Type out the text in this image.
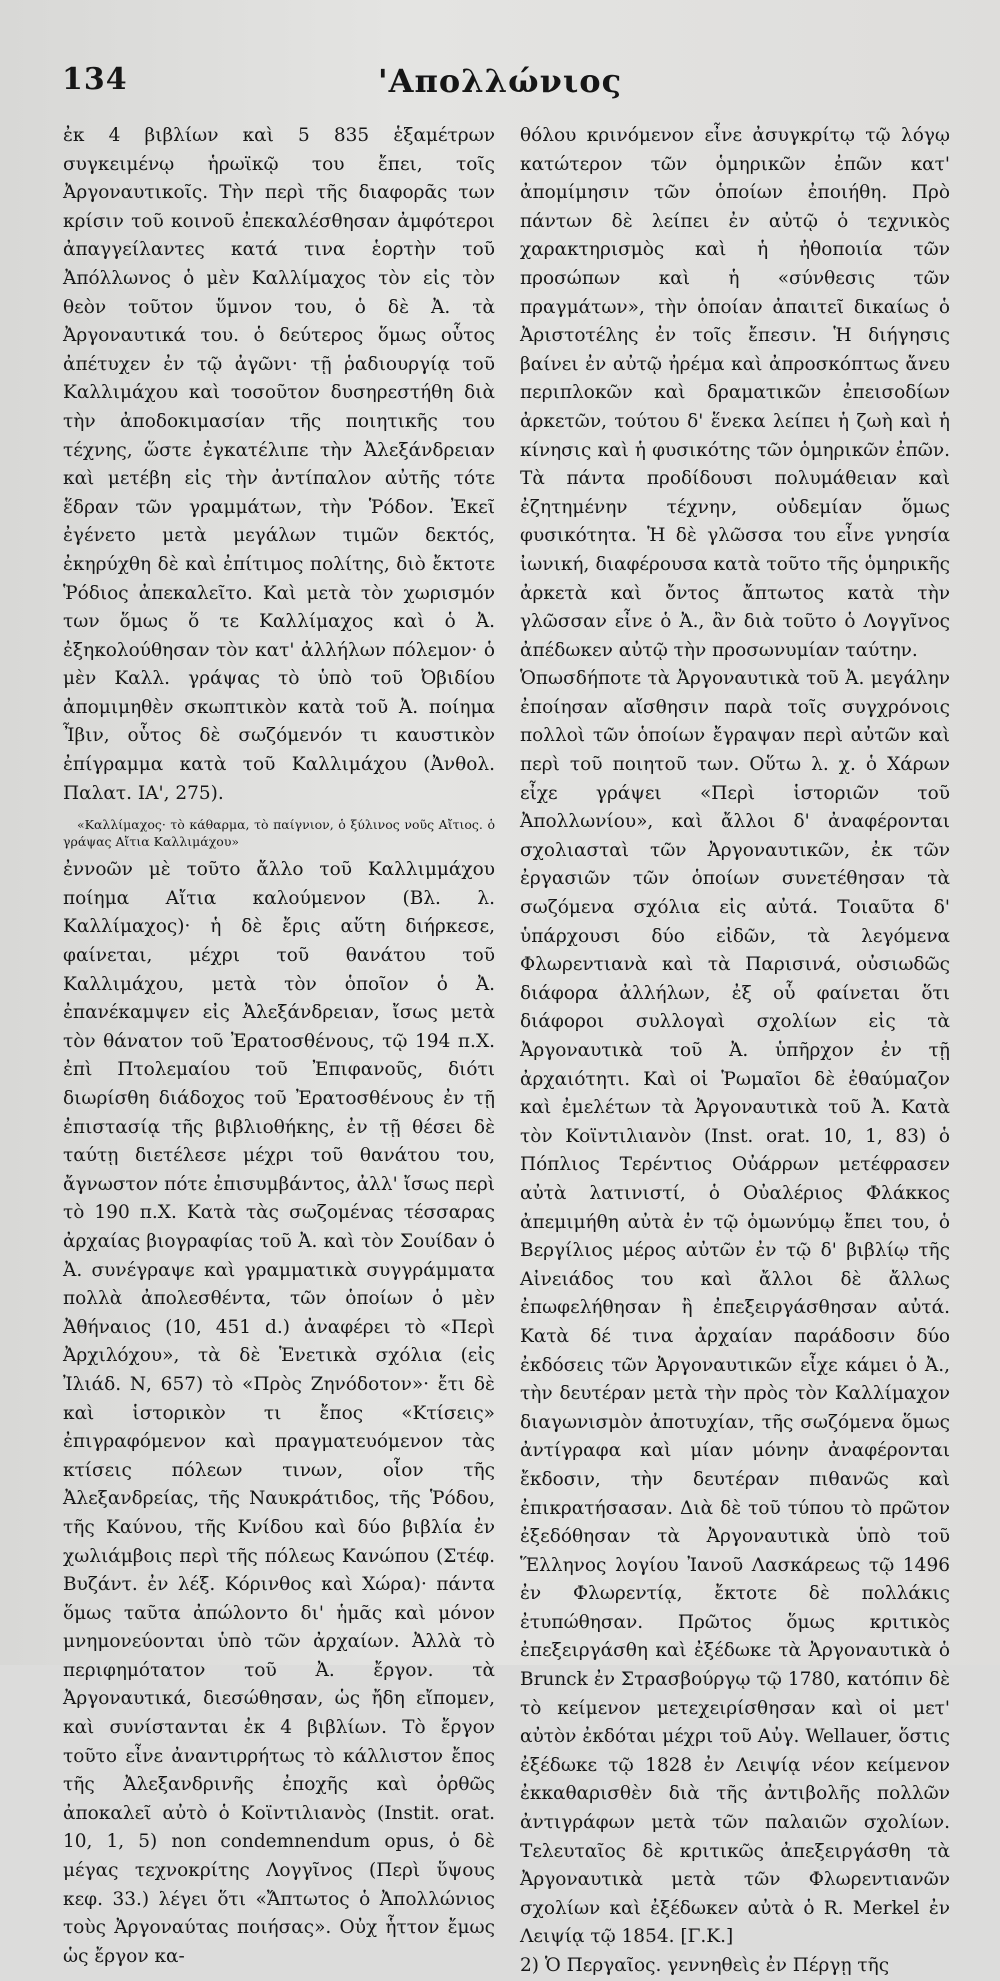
134	'Απολλώνιος

ἐκ 4 βιβλίων καὶ 5 835 ἑξαμέτρων συγκειμένῳ ἡρωϊκῷ του ἔπει, τοῖς Ἀργοναυτικοῖς. Τὴν περὶ τῆς διαφορᾶς των κρίσιν τοῦ κοινοῦ ἐπεκαλέσθησαν ἀμφότεροι ἀπαγγείλαντες κατά τινα ἑορτὴν τοῦ Ἀπόλλωνος ὁ μὲν Καλλίμαχος τὸν εἰς τὸν θεὸν τοῦτον ὕμνον του, ὁ δὲ Ἀ. τὰ Ἀργοναυτικά του. ὁ δεύτερος ὅμως οὗτος ἀπέτυχεν ἐν τῷ ἀγῶνι· τῇ ῥαδιουργίᾳ τοῦ Καλλιμάχου καὶ τοσοῦτον δυσηρεστήθη διὰ τὴν ἀποδοκιμασίαν τῆς ποιητικῆς του τέχνης, ὥστε ἐγκατέλιπε τὴν Ἀλεξάνδρειαν καὶ μετέβη εἰς τὴν ἀντίπαλον αὐτῆς τότε ἕδραν τῶν γραμμάτων, τὴν Ῥόδον. Ἐκεῖ ἐγένετο μετὰ μεγάλων τιμῶν δεκτός, ἐκηρύχθη δὲ καὶ ἐπίτιμος πολίτης, διὸ ἔκτοτε Ῥόδιος ἀπεκαλεῖτο. Καὶ μετὰ τὸν χωρισμόν των ὅμως ὅ τε Καλλίμαχος καὶ ὁ Ἀ. ἐξηκολούθησαν τὸν κατ' ἀλλήλων πόλεμον· ὁ μὲν Καλλ. γράψας τὸ ὑπὸ τοῦ Ὀβιδίου ἀπομιμηθὲν σκωπτικὸν κατὰ τοῦ Ἀ. ποίημα Ἶβιν, οὗτος δὲ σωζόμενόν τι καυστικὸν ἐπίγραμμα κατὰ τοῦ Καλλιμάχου (Ἀνθολ. Παλατ. ΙΑ', 275).

«Καλλίμαχος· τὸ κάθαρμα, τὸ παίγνιον, ὁ ξύλινος νοῦς Αἴτιος. ὁ γράψας Αἴτια Καλλιμάχου»

ἐννοῶν μὲ τοῦτο ἄλλο τοῦ Καλλιμμάχου ποίημα Αἴτια καλούμενον (Βλ. λ. Καλλίμαχος)· ἡ δὲ ἔρις αὕτη διήρκεσε, φαίνεται, μέχρι τοῦ θανάτου τοῦ Καλλιμάχου, μετὰ τὸν ὁποῖον ὁ Ἀ. ἐπανέκαμψεν εἰς Ἀλεξάνδρειαν, ἴσως μετὰ τὸν θάνατον τοῦ Ἐρατοσθένους, τῷ 194 π.Χ. ἐπὶ Πτολεμαίου τοῦ Ἐπιφανοῦς, διότι διωρίσθη διάδοχος τοῦ Ἐρατοσθένους ἐν τῇ ἐπιστασίᾳ τῆς βιβλιοθήκης, ἐν τῇ θέσει δὲ ταύτῃ διετέλεσε μέχρι τοῦ θανάτου του, ἄγνωστον πότε ἐπισυμβάντος, ἀλλ' ἴσως περὶ τὸ 190 π.Χ. Κατὰ τὰς σωζομένας τέσσαρας ἀρχαίας βιογραφίας τοῦ Ἀ. καὶ τὸν Σουίδαν ὁ Ἀ. συνέγραψε καὶ γραμματικὰ συγγράμματα πολλὰ ἀπολεσθέντα, τῶν ὁποίων ὁ μὲν Ἀθήναιος (10, 451 d.) ἀναφέρει τὸ «Περὶ Ἀρχιλόχου», τὰ δὲ Ἑνετικὰ σχόλια (εἰς Ἰλιάδ. Ν, 657) τὸ «Πρὸς Ζηνόδοτον»· ἔτι δὲ καὶ ἱστορικὸν τι ἔπος «Κτίσεις» ἐπιγραφόμενον καὶ πραγματευόμενον τὰς κτίσεις πόλεων τινων, οἷον τῆς Ἀλεξανδρείας, τῆς Ναυκράτιδος, τῆς Ῥόδου, τῆς Καύνου, τῆς Κνίδου καὶ δύο βιβλία ἐν χωλιάμβοις περὶ τῆς πόλεως Κανώπου (Στέφ. Βυζάντ. ἐν λέξ. Κόρινθος καὶ Χώρα)· πάντα ὅμως ταῦτα ἀπώλοντο δι' ἡμᾶς καὶ μόνον μνημονεύονται ὑπὸ τῶν ἀρχαίων. Ἀλλὰ τὸ περιφημότατον τοῦ Ἀ. ἔργον. τὰ Ἀργοναυτικά, διεσώθησαν, ὡς ἤδη εἴπομεν, καὶ συνίστανται ἐκ 4 βιβλίων. Τὸ ἔργον τοῦτο εἶνε ἀναντιρρήτως τὸ κάλλιστον ἔπος τῆς Ἀλεξανδρινῆς ἐποχῆς καὶ ὀρθῶς ἀποκαλεῖ αὐτὸ ὁ Κοϊντιλιανὸς (Instit. orat. 10, 1, 5) non condemnendum opus, ὁ δὲ μέγας τεχνοκρίτης Λογγῖνος (Περὶ ὕψους κεφ. 33.) λέγει ὅτι «Ἄπτωτος ὁ Ἀπολλώνιος τοὺς Ἀργοναύτας ποιήσας». Οὐχ ἧττον ἔμως ὡς ἔργον κα-

θόλου κρινόμενον εἶνε ἀσυγκρίτῳ τῷ λόγῳ κατώτερον τῶν ὁμηρικῶν ἐπῶν κατ' ἀπομίμησιν τῶν ὁποίων ἐποιήθη. Πρὸ πάντων δὲ λείπει ἐν αὐτῷ ὁ τεχνικὸς χαρακτηρισμὸς καὶ ἡ ἠθοποιία τῶν προσώπων καὶ ἡ «σύνθεσις τῶν πραγμάτων», τὴν ὁποίαν ἀπαιτεῖ δικαίως ὁ Ἀριστοτέλης ἐν τοῖς ἔπεσιν. Ἡ διήγησις βαίνει ἐν αὐτῷ ἠρέμα καὶ ἀπροσκόπτως ἄνευ περιπλοκῶν καὶ δραματικῶν ἐπεισοδίων ἀρκετῶν, τούτου δ' ἕνεκα λείπει ἡ ζωὴ καὶ ἡ κίνησις καὶ ἡ φυσικότης τῶν ὁμηρικῶν ἐπῶν. Τὰ πάντα προδίδουσι πολυμάθειαν καὶ ἐζητημένην τέχνην, οὐδεμίαν ὅμως φυσικότητα. Ἡ δὲ γλῶσσα του εἶνε γνησία ἰωνική, διαφέρουσα κατὰ τοῦτο τῆς ὁμηρικῆς ἀρκετὰ καὶ ὄντος ἄπτωτος κατὰ τὴν γλῶσσαν εἶνε ὁ Ἀ., ἂν διὰ τοῦτο ὁ Λογγῖνος ἀπέδωκεν αὐτῷ τὴν προσωνυμίαν ταύτην.

Ὁπωσδήποτε τὰ Ἀργοναυτικὰ τοῦ Ἀ. μεγάλην ἐποίησαν αἴσθησιν παρὰ τοῖς συγχρόνοις πολλοὶ τῶν ὁποίων ἔγραψαν περὶ αὐτῶν καὶ περὶ τοῦ ποιητοῦ των. Οὕτω λ. χ. ὁ Χάρων εἶχε γράψει «Περὶ ἱστοριῶν τοῦ Ἀπολλωνίου», καὶ ἄλλοι δ' ἀναφέρονται σχολιασταὶ τῶν Ἀργοναυτικῶν, ἐκ τῶν ἐργασιῶν τῶν ὁποίων συνετέθησαν τὰ σωζόμενα σχόλια εἰς αὐτά. Τοιαῦτα δ' ὑπάρχουσι δύο εἰδῶν, τὰ λεγόμενα Φλωρεντιανὰ καὶ τὰ Παρισινά, οὐσιωδῶς διάφορα ἀλλήλων, ἐξ οὗ φαίνεται ὅτι διάφοροι συλλογαὶ σχολίων εἰς τὰ Ἀργοναυτικὰ τοῦ Ἀ. ὑπῆρχον ἐν τῇ ἀρχαιότητι. Καὶ οἱ Ῥωμαῖοι δὲ ἐθαύμαζον καὶ ἐμελέτων τὰ Ἀργοναυτικὰ τοῦ Ἀ. Κατὰ τὸν Κοϊντιλιανὸν (Inst. orat. 10, 1, 83) ὁ Πόπλιος Τερέντιος Οὐάρρων μετέφρασεν αὐτὰ λατινιστί, ὁ Οὐαλέριος Φλάκκος ἀπεμιμήθη αὐτὰ ἐν τῷ ὁμωνύμῳ ἔπει του, ὁ Βεργίλιος μέρος αὐτῶν ἐν τῷ δ' βιβλίῳ τῆς Αἰνειάδος του καὶ ἄλλοι δὲ ἄλλως ἐπωφελήθησαν ἢ ἐπεξειργάσθησαν αὐτά. Κατὰ δέ τινα ἀρχαίαν παράδοσιν δύο ἐκδόσεις τῶν Ἀργοναυτικῶν εἶχε κάμει ὁ Ἀ., τὴν δευτέραν μετὰ τὴν πρὸς τὸν Καλλίμαχον διαγωνισμὸν ἀποτυχίαν, τῆς σωζόμενα ὅμως ἀντίγραφα καὶ μίαν μόνην ἀναφέρονται ἔκδοσιν, τὴν δευτέραν πιθανῶς καὶ ἐπικρατήσασαν. Διὰ δὲ τοῦ τύπου τὸ πρῶτον ἐξεδόθησαν τὰ Ἀργοναυτικὰ ὑπὸ τοῦ Ἕλληνος λογίου Ἰανοῦ Λασκάρεως τῷ 1496 ἐν Φλωρεντίᾳ, ἔκτοτε δὲ πολλάκις ἐτυπώθησαν. Πρῶτος ὅμως κριτικὸς ἐπεξειργάσθη καὶ ἐξέδωκε τὰ Ἀργοναυτικὰ ὁ Brunck ἐν Στρασβούργῳ τῷ 1780, κατόπιν δὲ τὸ κείμενον μετεχειρίσθησαν καὶ οἱ μετ' αὐτὸν ἐκδόται μέχρι τοῦ Αὐγ. Wellauer, ὅστις ἐξέδωκε τῷ 1828 ἐν Λειψίᾳ νέον κείμενον ἐκκαθαρισθὲν διὰ τῆς ἀντιβολῆς πολλῶν ἀντιγράφων μετὰ τῶν παλαιῶν σχολίων. Τελευταῖος δὲ κριτικῶς ἀπεξειργάσθη τὰ Ἀργοναυτικὰ μετὰ τῶν Φλωρεντιανῶν σχολίων καὶ ἐξέδωκεν αὐτὰ ὁ R. Merkel ἐν Λειψίᾳ τῷ 1854. [Γ.Κ.]

2) Ὁ Περγαῖος. γεννηθεὶς ἐν Πέργῃ τῆς
